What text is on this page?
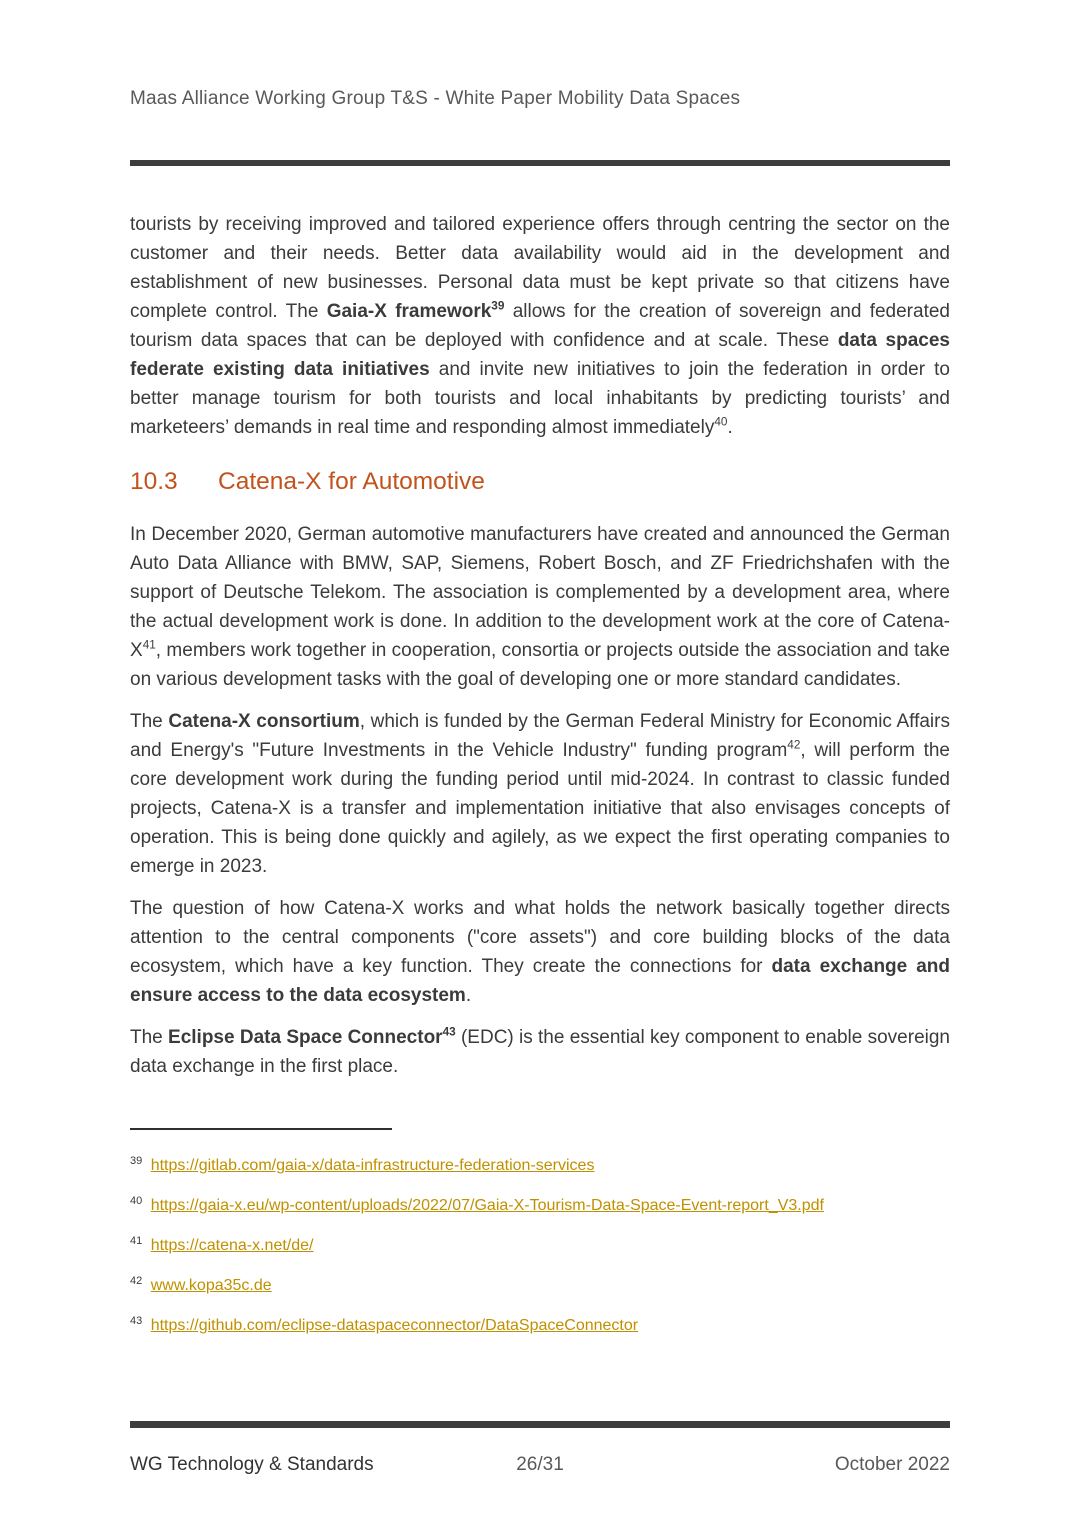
Maas Alliance Working Group T&S - White Paper Mobility Data Spaces

tourists by receiving improved and tailored experience offers through centring the sector on the customer and their needs. Better data availability would aid in the development and establishment of new businesses. Personal data must be kept private so that citizens have complete control. The Gaia-X framework$^{39}$ allows for the creation of sovereign and federated tourism data spaces that can be deployed with confidence and at scale. These data spaces federate existing data initiatives and invite new initiatives to join the federation in order to better manage tourism for both tourists and local inhabitants by predicting tourists’ and marketeers’ demands in real time and responding almost immediately$^{40}$.

10.3 Catena-X for Automotive

In December 2020, German automotive manufacturers have created and announced the German Auto Data Alliance with BMW, SAP, Siemens, Robert Bosch, and ZF Friedrichshafen with the support of Deutsche Telekom. The association is complemented by a development area, where the actual development work is done. In addition to the development work at the core of Catena-$X^{41}$, members work together in cooperation, consortia or projects outside the association and take on various development tasks with the goal of developing one or more standard candidates.

The Catena-X consortium, which is funded by the German Federal Ministry for Economic Affairs and Energy's "Future Investments in the Vehicle Industry" funding program$^{42}$, will perform the core development work during the funding period until mid-2024. In contrast to classic funded projects, Catena-X is a transfer and implementation initiative that also envisages concepts of operation. This is being done quickly and agilely, as we expect the first operating companies to emerge in 2023.

The question of how Catena-X works and what holds the network basically together directs attention to the central components ("core assets") and core building blocks of the data ecosystem, which have a key function. They create the connections for data exchange and ensure access to the data ecosystem.

The Eclipse Data Space Connector$^{43}$ (EDC) is the essential key component to enable sovereign data exchange in the first place.

$^{39}$ https://gitlab.com/gaia-x/data-infrastructure-federation-services
$^{40}$ https://gaia-x.eu/wp-content/uploads/2022/07/Gaia-X-Tourism-Data-Space-Event-report_V3.pdf
$^{41}$ https://catena-x.net/de/
$^{42}$ www.kopa35c.de
$^{43}$ https://github.com/eclipse-dataspaceconnector/DataSpaceConnector
WG Technology & Standards	26/31	October 2022
